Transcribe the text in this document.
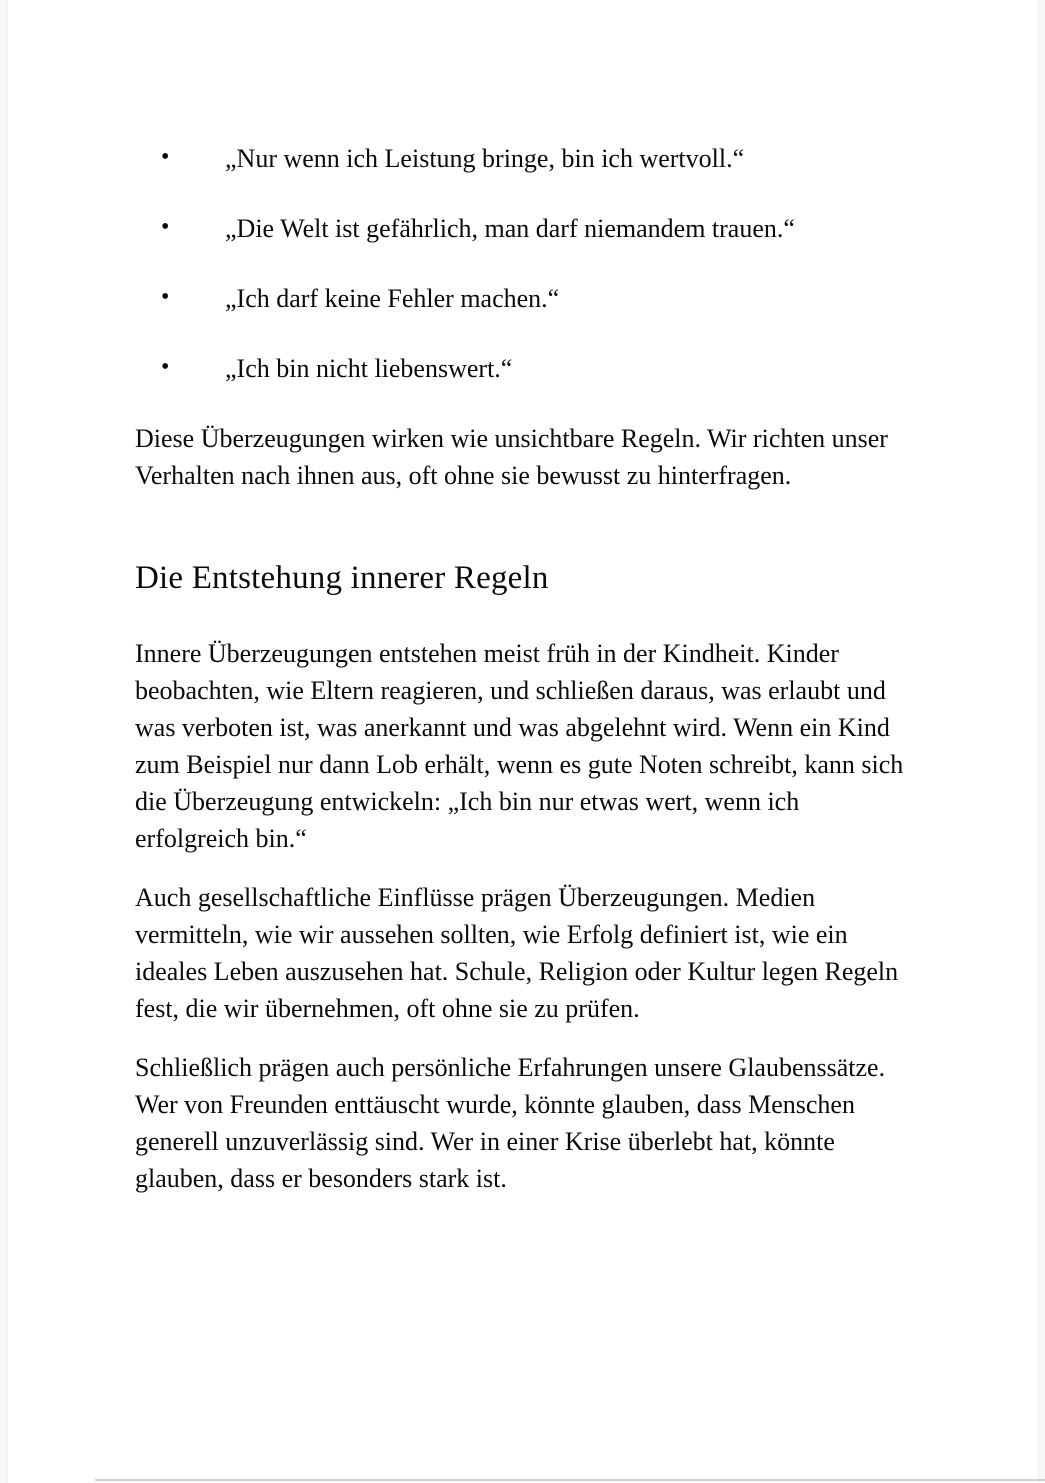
• „Nur wenn ich Leistung bringe, bin ich wertvoll.“
• „Die Welt ist gefährlich, man darf niemandem trauen.“
• „Ich darf keine Fehler machen.“
• „Ich bin nicht liebenswert.“

Diese Überzeugungen wirken wie unsichtbare Regeln. Wir richten unser Verhalten nach ihnen aus, oft ohne sie bewusst zu hinterfragen.

Die Entstehung innerer Regeln

Innere Überzeugungen entstehen meist früh in der Kindheit. Kinder beobachten, wie Eltern reagieren, und schließen daraus, was erlaubt und was verboten ist, was anerkannt und was abgelehnt wird. Wenn ein Kind zum Beispiel nur dann Lob erhält, wenn es gute Noten schreibt, kann sich die Überzeugung entwickeln: „Ich bin nur etwas wert, wenn ich erfolgreich bin.“

Auch gesellschaftliche Einflüsse prägen Überzeugungen. Medien vermitteln, wie wir aussehen sollten, wie Erfolg definiert ist, wie ein ideales Leben auszusehen hat. Schule, Religion oder Kultur legen Regeln fest, die wir übernehmen, oft ohne sie zu prüfen.

Schließlich prägen auch persönliche Erfahrungen unsere Glaubenssätze. Wer von Freunden enttäuscht wurde, könnte glauben, dass Menschen generell unzuverlässig sind. Wer in einer Krise überlebt hat, könnte glauben, dass er besonders stark ist.
